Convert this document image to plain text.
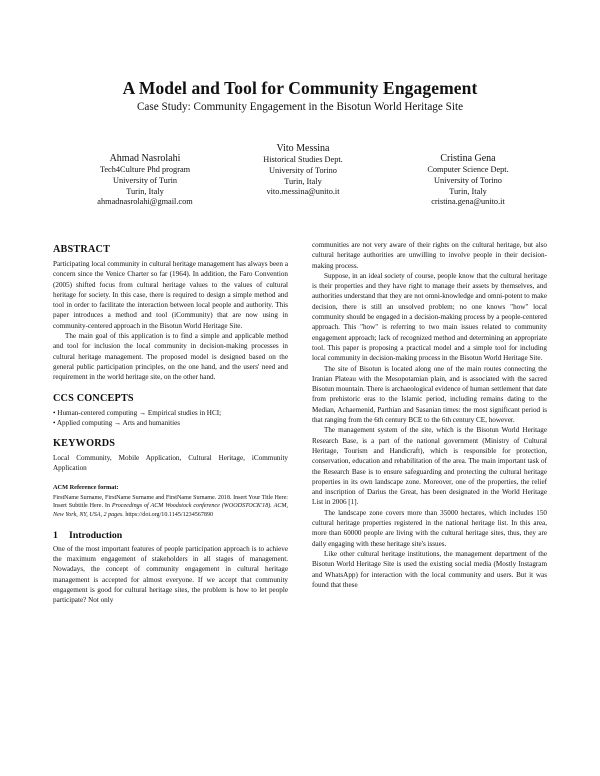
A Model and Tool for Community Engagement
Case Study: Community Engagement in the Bisotun World Heritage Site
Ahmad Nasrolahi
Tech4Culture Phd program
University of Turin
Turin, Italy
ahmadnasrolahi@gmail.com
Vito Messina
Historical Studies Dept.
University of Torino
Turin, Italy
vito.messina@unito.it
Cristina Gena
Computer Science Dept.
University of Torino
Turin, Italy
cristina.gena@unito.it
ABSTRACT

Participating local community in cultural heritage management has always been a concern since the Venice Charter so far (1964). In addition, the Faro Convention (2005) shifted focus from cultural heritage values to the values of cultural heritage for society. In this case, there is required to design a simple method and tool in order to facilitate the interaction between local people and authority. This paper introduces a method and tool (iCommunity) that are now using in community-centered approach in the Bisotun World Heritage Site.

The main goal of this application is to find a simple and applicable method and tool for inclusion the local community in decision-making processes in cultural heritage management. The proposed model is designed based on the general public participation principles, on the one hand, and the users' need and requirement in the world heritage site, on the other hand.

CCS CONCEPTS

• Human-centered computing → Empirical studies in HCI;

• Applied computing → Arts and humanities

KEYWORDS

Local Community, Mobile Application, Cultural Heritage, iCommunity Application

ACM Reference format:

FirstName Surname, FirstName Surname and FirstName Surname. 2018. Insert Your Title Here: Insert Subtitle Here. In Proceedings of ACM Woodstock conference (WOODSTOCK'18). ACM, New York, NY, USA, 2 pages. https://doi.org/10.1145/1234567890

1 Introduction

One of the most important features of people participation approach is to achieve the maximum engagement of stakeholders in all stages of management. Nowadays, the concept of community engagement in cultural heritage management is accepted for almost everyone. If we accept that community engagement is good for cultural heritage sites, the problem is how to let people participate? Not only

communities are not very aware of their rights on the cultural heritage, but also cultural heritage authorities are unwilling to involve people in their decision-making process.

Suppose, in an ideal society of course, people know that the cultural heritage is their properties and they have right to manage their assets by themselves, and authorities understand that they are not omni-knowledge and omni-potent to make decision, there is still an unsolved problem; no one knows "how" local community should be engaged in a decision-making process by a people-centered approach. This "how" is referring to two main issues related to community engagement approach; lack of recognized method and determining an appropriate tool. This paper is proposing a practical model and a simple tool for including local community in decision-making process in the Bisotun World Heritage Site.

The site of Bisotun is located along one of the main routes connecting the Iranian Plateau with the Mesopotamian plain, and is associated with the sacred Bisotun mountain. There is archaeological evidence of human settlement that date from prehistoric eras to the Islamic period, including remains dating to the Median, Achaemenid, Parthian and Sasanian times: the most significant period is that ranging from the 6th century BCE to the 6th century CE, however.

The management system of the site, which is the Bisotun World Heritage Research Base, is a part of the national government (Ministry of Cultural Heritage, Tourism and Handicraft), which is responsible for protection, conservation, education and rehabilitation of the area. The main important task of the Research Base is to ensure safeguarding and protecting the cultural heritage properties in its own landscape zone. Moreover, one of the properties, the relief and inscription of Darius the Great, has been designated in the World Heritage List in 2006 [1].

The landscape zone covers more than 35000 hectares, which includes 150 cultural heritage properties registered in the national heritage list. In this area, more than 60000 people are living with the cultural heritage sites, thus, they are daily engaging with these heritage site's issues.

Like other cultural heritage institutions, the management department of the Bisotun World Heritage Site is used the existing social media (Mostly Instagram and WhatsApp) for interaction with the local community and users. But it was found that these
